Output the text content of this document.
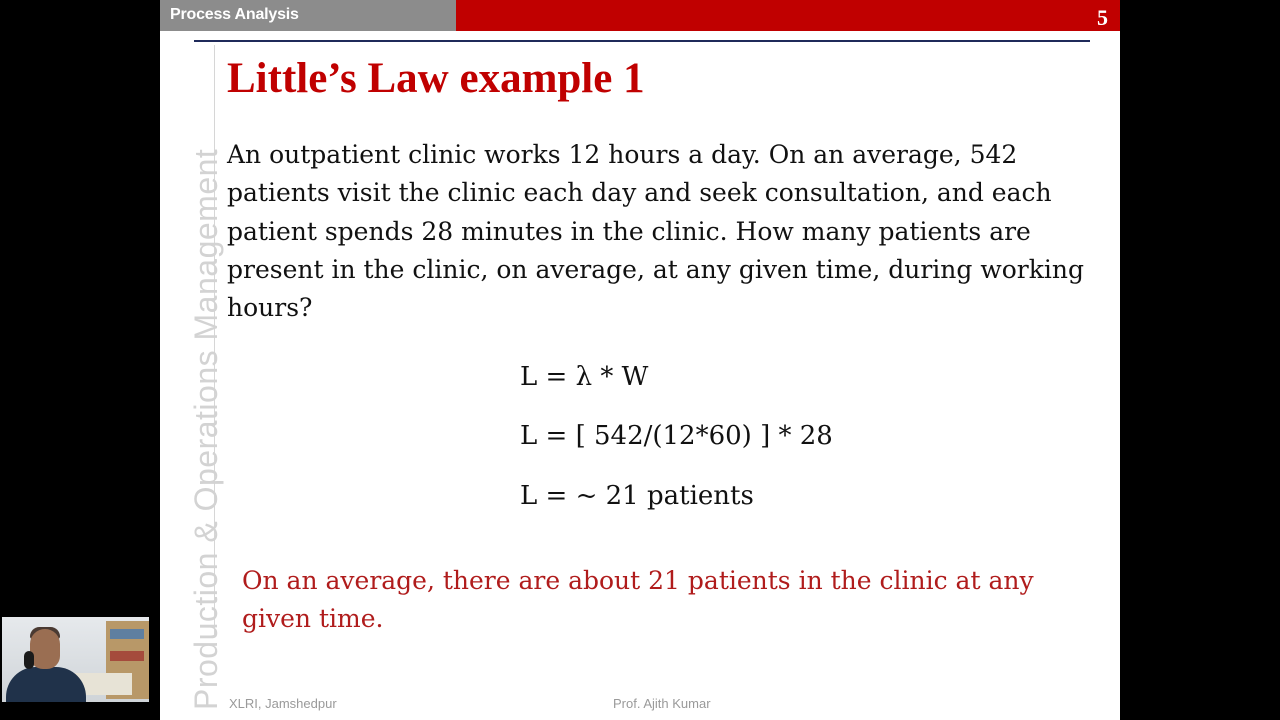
Process Analysis	5
Production & Operations Management
Little’s Law example 1
An outpatient clinic works 12 hours a day. On an average, 542 patients visit the clinic each day and seek consultation, and each patient spends 28 minutes in the clinic. How many patients are present in the clinic, on average, at any given time, during working hours?
L = λ * W
L = [ 542/(12*60) ] * 28
L = ~ 21 patients
On an average, there are about 21 patients in the clinic at any given time.
XLRI, Jamshedpur	Prof. Ajith Kumar
